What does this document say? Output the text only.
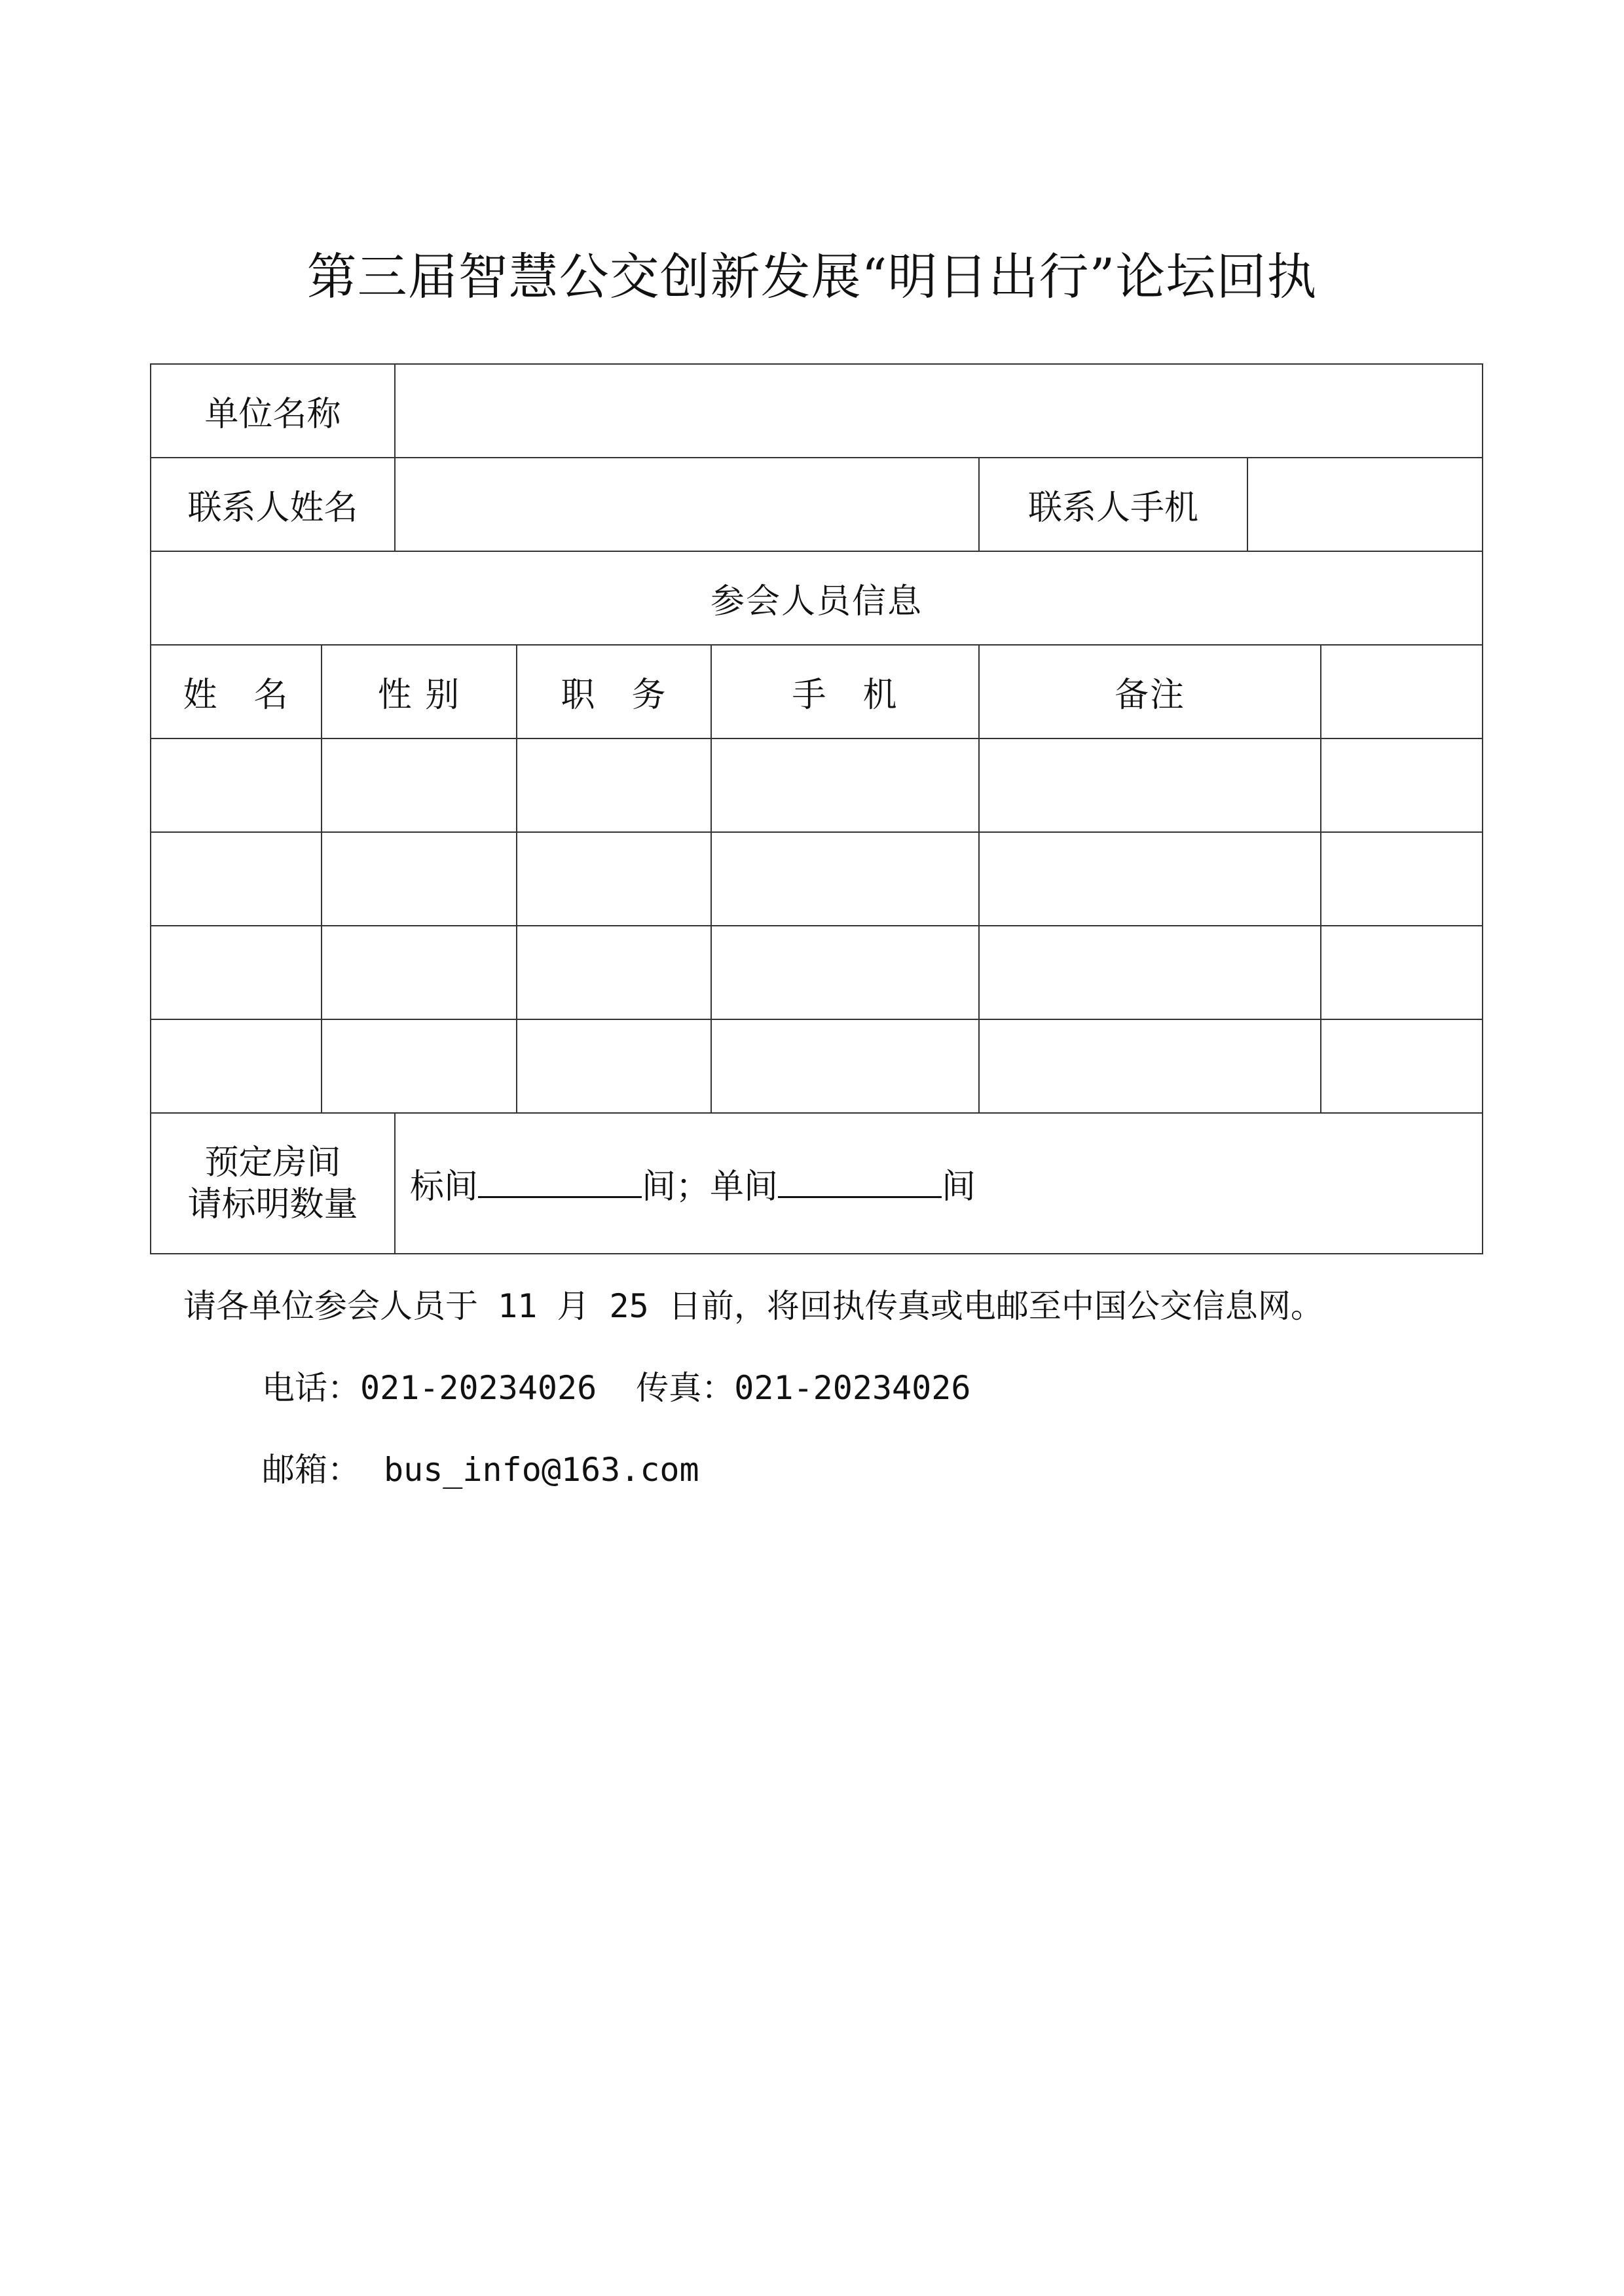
第三届智慧公交创新发展“明日出行”论坛回执
单位名称							
联系人姓名					联系人手机		
参会人员信息							
姓　名	性 别		职　务	手　机	备注		

预定房间
请标明数量		标间 间；单间 间					
请各单位参会人员于 11 月 25 日前，将回执传真或电邮至中国公交信息网。
电话：021-20234026 传真：021-20234026
邮箱： bus_info@163.com
